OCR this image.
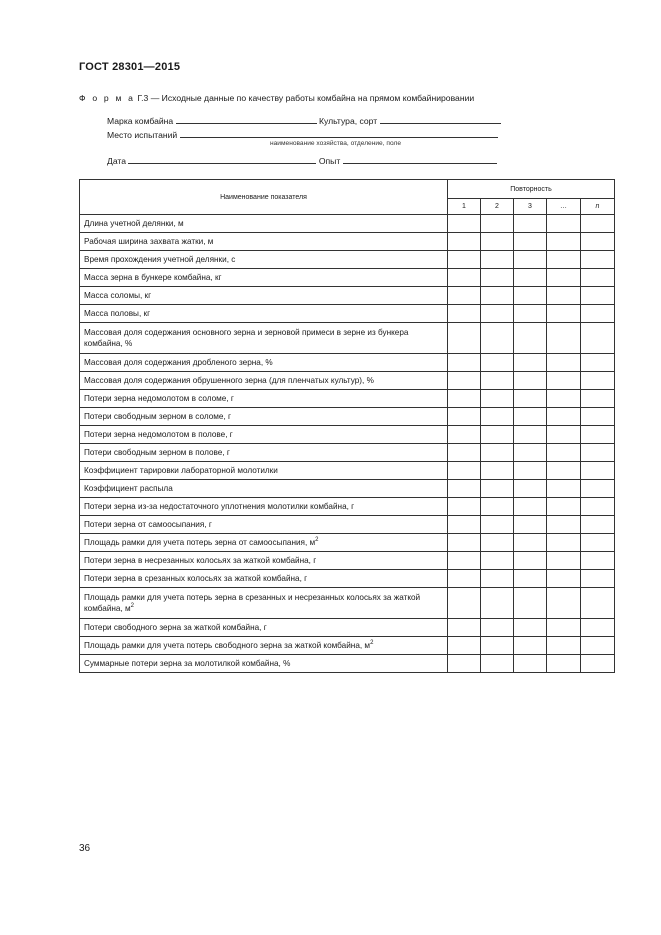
ГОСТ 28301—2015
Ф о р м а Г.3 — Исходные данные по качеству работы комбайна на прямом комбайнировании
Марка комбайна	Культура, сорт
Место испытаний
наименование хозяйства, отделение, поле
Дата	Опыт
Наименование показателя	Повторность				
	1	2	3	…	n
Длина учетной делянки, м					
Рабочая ширина захвата жатки, м					
Время прохождения учетной делянки, с					
Масса зерна в бункере комбайна, кг					
Масса соломы, кг					
Масса половы, кг					
Массовая доля содержания основного зерна и зерновой примеси в зерне из бункера комбайна, %					
Массовая доля содержания дробленого зерна, %					
Массовая доля содержания обрушенного зерна (для пленчатых культур), %					
Потери зерна недомолотом в соломе, г					
Потери свободным зерном в соломе, г					
Потери зерна недомолотом в полове, г					
Потери свободным зерном в полове, г					
Коэффициент тарировки лабораторной молотилки					
Коэффициент распыла					
Потери зерна из-за недостаточного уплотнения молотилки комбайна, г					
Потери зерна от самоосыпания, г					
Площадь рамки для учета потерь зерна от самоосыпания, $м^2$					
Потери зерна в несрезанных колосьях за жаткой комбайна, г					
Потери зерна в срезанных колосьях за жаткой комбайна, г					
Площадь рамки для учета потерь зерна в срезанных и несрезанных колосьях за жаткой комбайна, $м^2$					
Потери свободного зерна за жаткой комбайна, г					
Площадь рамки для учета потерь свободного зерна за жаткой комбайна, $м^2$					
Суммарные потери зерна за молотилкой комбайна, %					
36
